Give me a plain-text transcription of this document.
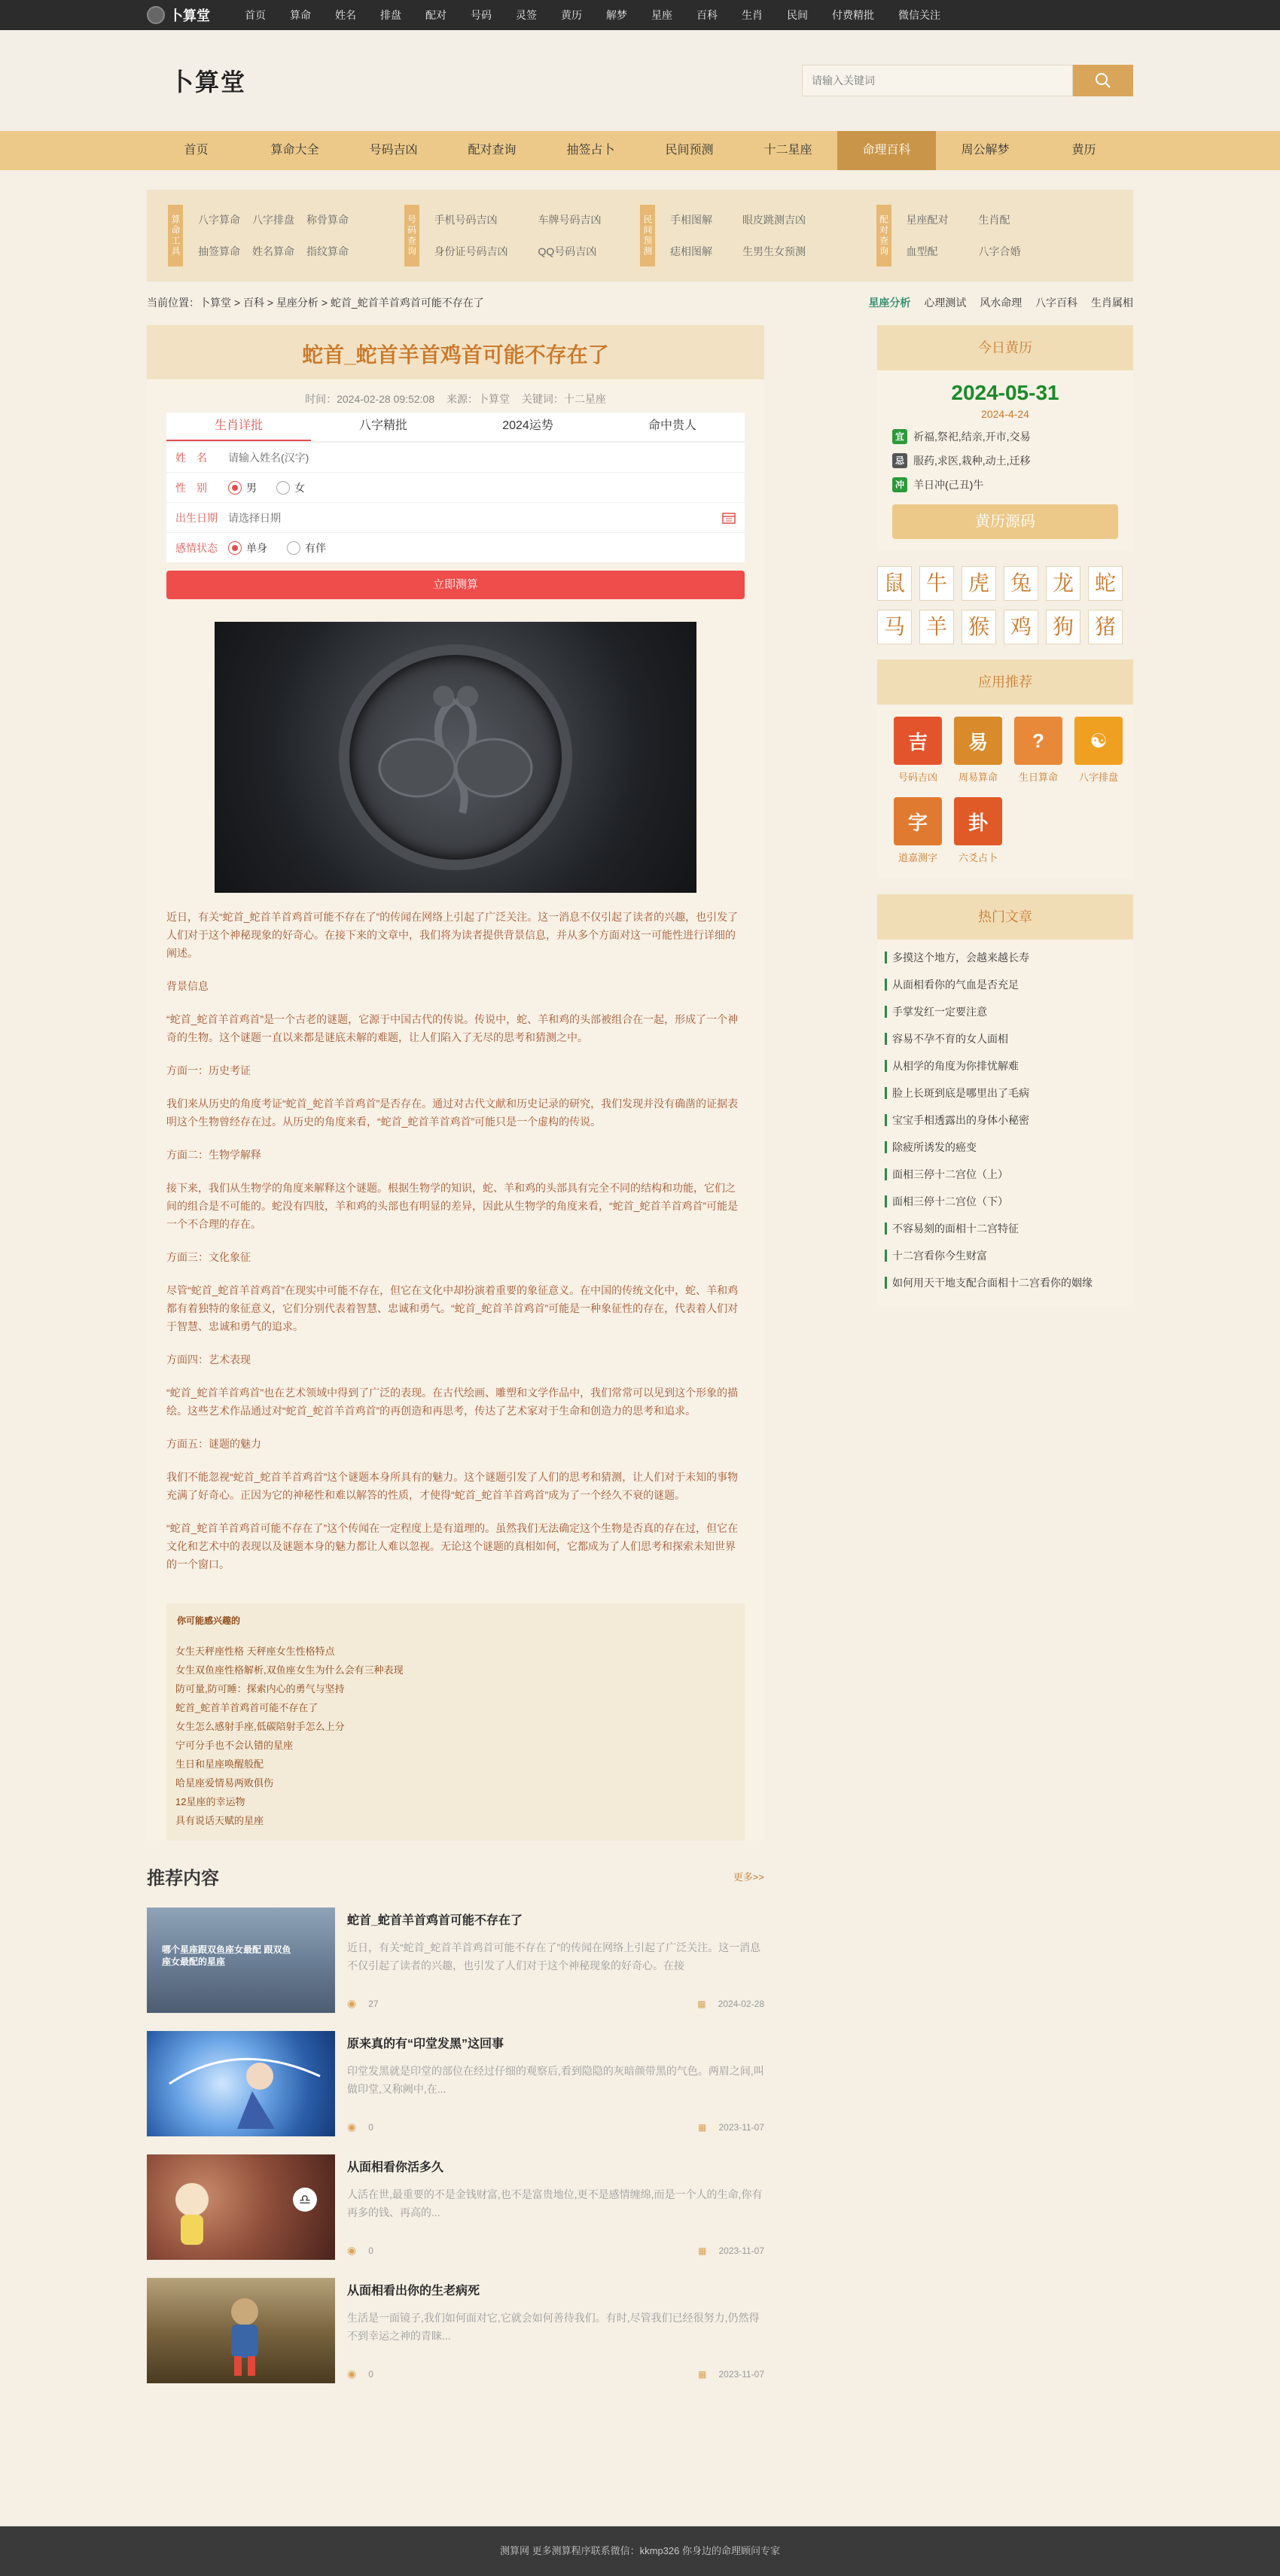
卜算堂	首页	算命	姓名	排盘	配对	号码	灵签	黄历	解梦	星座	百科	生肖	民间	付费精批	微信关注
卜算堂
请输入关键词
首页	算命大全	号码吉凶	配对查询	抽签占卜	民间预测	十二星座	命理百科	周公解梦	黄历
算命工具 八字算命 八字排盘 称骨算命
抽签算命 姓名算命 指纹算命	号码查询 手机号码吉凶	车牌号码吉凶
身份证号码吉凶	QQ号码吉凶	民间预测 手相图解	眼皮跳测吉凶
痣相图解	生男生女预测	配对查询 星座配对	生肖配
血型配	八字合婚
当前位置：卜算堂 > 百科 > 星座分析 > 蛇首_蛇首羊首鸡首可能不存在了	星座分析 心理测试 风水命理 八字百科 生肖属相
蛇首_蛇首羊首鸡首可能不存在了
时间：2024-02-28 09:52:08 来源：卜算堂 关键词：十二星座
生肖详批	八字精批	2024运势	命中贵人
姓　名	请输入姓名(汉字)
性　别	男	女
出生日期	请选择日期
感情状态	单身	有伴
立即测算

近日，有关“蛇首_蛇首羊首鸡首可能不存在了”的传闻在网络上引起了广泛关注。这一消息不仅引起了读者的兴趣，也引发了人们对于这个神秘现象的好奇心。在接下来的文章中，我们将为读者提供背景信息，并从多个方面对这一可能性进行详细的阐述。

背景信息

“蛇首_蛇首羊首鸡首”是一个古老的谜题，它源于中国古代的传说。传说中，蛇、羊和鸡的头部被组合在一起，形成了一个神奇的生物。这个谜题一直以来都是谜底未解的难题，让人们陷入了无尽的思考和猜测之中。

方面一：历史考证

我们来从历史的角度考证“蛇首_蛇首羊首鸡首”是否存在。通过对古代文献和历史记录的研究，我们发现并没有确凿的证据表明这个生物曾经存在过。从历史的角度来看，“蛇首_蛇首羊首鸡首”可能只是一个虚构的传说。

方面二：生物学解释

接下来，我们从生物学的角度来解释这个谜题。根据生物学的知识，蛇、羊和鸡的头部具有完全不同的结构和功能，它们之间的组合是不可能的。蛇没有四肢，羊和鸡的头部也有明显的差异，因此从生物学的角度来看，“蛇首_蛇首羊首鸡首”可能是一个不合理的存在。

方面三：文化象征

尽管“蛇首_蛇首羊首鸡首”在现实中可能不存在，但它在文化中却扮演着重要的象征意义。在中国的传统文化中，蛇、羊和鸡都有着独特的象征意义，它们分别代表着智慧、忠诚和勇气。“蛇首_蛇首羊首鸡首”可能是一种象征性的存在，代表着人们对于智慧、忠诚和勇气的追求。

方面四：艺术表现

“蛇首_蛇首羊首鸡首”也在艺术领域中得到了广泛的表现。在古代绘画、雕塑和文学作品中，我们常常可以见到这个形象的描绘。这些艺术作品通过对“蛇首_蛇首羊首鸡首”的再创造和再思考，传达了艺术家对于生命和创造力的思考和追求。

方面五：谜题的魅力

我们不能忽视“蛇首_蛇首羊首鸡首”这个谜题本身所具有的魅力。这个谜题引发了人们的思考和猜测，让人们对于未知的事物充满了好奇心。正因为它的神秘性和难以解答的性质，才使得“蛇首_蛇首羊首鸡首”成为了一个经久不衰的谜题。

“蛇首_蛇首羊首鸡首可能不存在了”这个传闻在一定程度上是有道理的。虽然我们无法确定这个生物是否真的存在过，但它在文化和艺术中的表现以及谜题本身的魅力都让人难以忽视。无论这个谜题的真相如何，它都成为了人们思考和探索未知世界的一个窗口。

你可能感兴趣的
女生天秤座性格 天秤座女生性格特点
女生双鱼座性格解析,双鱼座女生为什么会有三种表现
防可量,防可睡：探索内心的勇气与坚持
蛇首_蛇首羊首鸡首可能不存在了
女生怎么感射手座,低碳陪射手怎么上分
宁可分手也不会认错的星座
生日和星座唤醒般配
哈星座爱情易两败俱伤
12星座的幸运物
具有说话天赋的星座
推荐内容	更多>>
哪个星座跟双鱼座女最配 跟双鱼座女最配的星座
蛇首_蛇首羊首鸡首可能不存在了
近日，有关“蛇首_蛇首羊首鸡首可能不存在了”的传闻在网络上引起了广泛关注。这一消息不仅引起了读者的兴趣，也引发了人们对于这个神秘现象的好奇心。在接
◉ 27	▦ 2024-02-28
原来真的有“印堂发黑”这回事
印堂发黑就是印堂的部位在经过仔细的观察后,看到隐隐的灰暗颜带黑的气色。两眉之间,叫做印堂,又称阙中,在...
◉ 0	▦ 2023-11-07
♎
从面相看你活多久
人活在世,最重要的不是金钱财富,也不是富贵地位,更不是感情缠绵,而是一个人的生命,你有再多的钱、再高的...
◉ 0	▦ 2023-11-07
从面相看出你的生老病死
生活是一面镜子,我们如何面对它,它就会如何善待我们。有时,尽管我们已经很努力,仍然得不到幸运之神的青睐...
◉ 0	▦ 2023-11-07
今日黄历
2024-05-31
2024-4-24
宜 祈福,祭祀,结亲,开市,交易
忌 服药,求医,栽种,动土,迁移
冲 羊日冲(己丑)牛
黄历源码
鼠 牛 虎 兔 龙 蛇
马 羊 猴 鸡 狗 猪
应用推荐
吉
号码吉凶
易
周易算命
?
生日算命
☯
八字排盘
字
道嘉测字
卦
六爻占卜
热门文章
多摸这个地方，会越来越长寿
从面相看你的气血是否充足
手掌发红一定要注意
容易不孕不育的女人面相
从相学的角度为你排忧解难
脸上长斑到底是哪里出了毛病
宝宝手相透露出的身体小秘密
除疲所诱发的癌变
面相三停十二宫位（上）
面相三停十二宫位（下）
不容易刻的面相十二宫特征
十二宫看你今生财富
如何用天干地支配合面相十二宫看你的姻缘
测算网 更多测算程序联系微信：kkmp326 你身边的命理顾问专家
